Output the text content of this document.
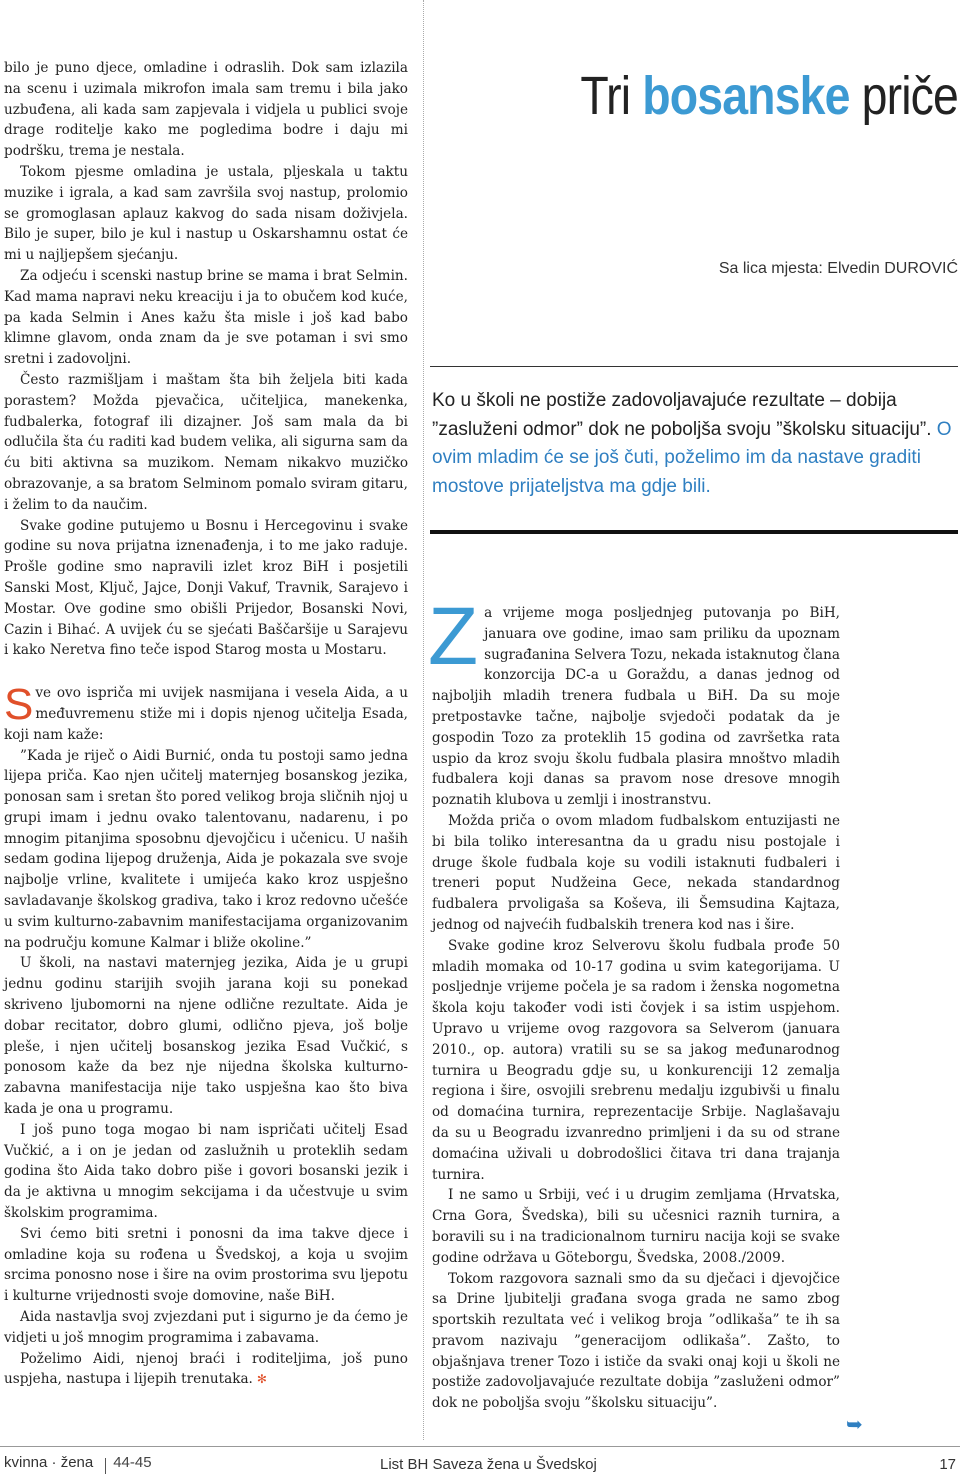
bilo je puno djece, omladine i odraslih. Dok sam izlazila na scenu i uzimala mikrofon imala sam tremu i bila jako uzbuđena, ali kada sam zapjevala i vidjela u publici svoje drage roditelje kako me pogledima bodre i daju mi podršku, trema je nestala.

Tokom pjesme omladina je ustala, pljeskala u taktu muzike i igrala, a kad sam završila svoj nastup, prolomio se gromoglasan aplauz kakvog do sada nisam doživjela. Bilo je super, bilo je kul i nastup u Oskarshamnu ostat će mi u najljepšem sjećanju.

Za odjeću i scenski nastup brine se mama i brat Selmin. Kad mama napravi neku kreaciju i ja to obučem kod kuće, pa kada Selmin i Anes kažu šta misle i još kad babo klimne glavom, onda znam da je sve potaman i svi smo sretni i zadovoljni.

Često razmišljam i maštam šta bih željela biti kada porastem? Možda pjevačica, učiteljica, manekenka, fudbalerka, fotograf ili dizajner. Još sam mala da bi odlučila šta ću raditi kad budem velika, ali sigurna sam da ću biti aktivna sa muzikom. Nemam nikakvo muzičko obrazovanje, a sa bratom Selminom pomalo sviram gitaru, i želim to da naučim.

Svake godine putujemo u Bosnu i Hercegovinu i svake godine su nova prijatna iznenađenja, i to me jako raduje. Prošle godine smo napravili izlet kroz BiH i posjetili Sanski Most, Ključ, Jajce, Donji Vakuf, Travnik, Sarajevo i Mostar. Ove godine smo obišli Prijedor, Bosanski Novi, Cazin i Bihać. A uvijek ću se sjećati Baščaršije u Sarajevu i kako Neretva fino teče ispod Starog mosta u Mostaru.

S ve ovo ispriča mi uvijek nasmijana i vesela Aida, a u međuvremenu stiže mi i dopis njenog učitelja Esada, koji nam kaže:

”Kada je riječ o Aidi Burnić, onda tu postoji samo jedna lijepa priča. Kao njen učitelj maternjeg bosanskog jezika, ponosan sam i sretan što pored velikog broja sličnih njoj u grupi imam i jednu ovako talentovanu, nadarenu, i po mnogim pitanjima sposobnu djevojčicu i učenicu. U naših sedam godina lijepog druženja, Aida je pokazala sve svoje najbolje vrline, kvalitete i umijeća kako kroz uspješno savladavanje školskog gradiva, tako i kroz redovno učešće u svim kulturno-zabavnim manifestacijama organizovanim na području komune Kalmar i bliže okoline.”

U školi, na nastavi maternjeg jezika, Aida je u grupi jednu godinu starijih svojih jarana koji su ponekad skriveno ljubomorni na njene odlične rezultate. Aida je dobar recitator, dobro glumi, odlično pjeva, još bolje pleše, i njen učitelj bosanskog jezika Esad Vučkić, s ponosom kaže da bez nje nijedna školska kulturno-zabavna manifestacija nije tako uspješna kao što biva kada je ona u programu.

I još puno toga mogao bi nam ispričati učitelj Esad Vučkić, a i on je jedan od zaslužnih u proteklih sedam godina što Aida tako dobro piše i govori bosanski jezik i da je aktivna u mnogim sekcijama i da učestvuje u svim školskim programima.

Svi ćemo biti sretni i ponosni da ima takve djece i omladine koja su rođena u Švedskoj, a koja u svojim srcima ponosno nose i šire na ovim prostorima svu ljepotu i kulturne vrijednosti svoje domovine, naše BiH.

Aida nastavlja svoj zvjezdani put i sigurno je da ćemo je vidjeti u još mnogim programima i zabavama.

Poželimo Aidi, njenoj braći i roditeljima, još puno uspjeha, nastupa i lijepih trenutaka. ✻

Tri bosanske priče
Sa lica mjesta: Elvedin DUROVIĆ
Ko u školi ne postiže zadovoljavajuće rezultate – dobija ”zasluženi odmor” dok ne poboljša svoju ”školsku situaciju”. O ovim mladim će se još čuti, poželimo im da nastave graditi mostove prijateljstva ma gdje bili.

Z a vrijeme moga posljednjeg putovanja po BiH, januara ove godine, imao sam priliku da upoznam sugrađanina Selvera Tozu, nekada istaknutog člana konzorcija DC-a u Goraždu, a danas jednog od najboljih mladih trenera fudbala u BiH. Da su moje pretpostavke tačne, najbolje svjedoči podatak da je gospodin Tozo za proteklih 15 godina od završetka rata uspio da kroz svoju školu fudbala plasira mnoštvo mladih fudbalera koji danas sa pravom nose dresove mnogih poznatih klubova u zemlji i inostranstvu.

Možda priča o ovom mladom fudbalskom entuzijasti ne bi bila toliko interesantna da u gradu nisu postojale i druge škole fudbala koje su vodili istaknuti fudbaleri i treneri poput Nudžeina Gece, nekada standardnog fudbalera prvoligaša sa Koševa, ili Šemsudina Kajtaza, jednog od najvećih fudbalskih trenera kod nas i šire.

Svake godine kroz Selverovu školu fudbala prođe 50 mladih momaka od 10-17 godina u svim kategorijama. U posljednje vrijeme počela je sa radom i ženska nogometna škola koju također vodi isti čovjek i sa istim uspjehom. Upravo u vrijeme ovog razgovora sa Selverom (januara 2010., op. autora) vratili su se sa jakog međunarodnog turnira u Beogradu gdje su, u konkurenciji 12 zemalja regiona i šire, osvojili srebrenu medalju izgubivši u finalu od domaćina turnira, reprezentacije Srbije. Naglašavaju da su u Beogradu izvanredno primljeni i da su od strane domaćina uživali u dobrodošlici čitava tri dana trajanja turnira.

I ne samo u Srbiji, već i u drugim zemljama (Hrvatska, Crna Gora, Švedska), bili su učesnici raznih turnira, a boravili su i na tradicionalnom turniru nacija koji se svake godine održava u Göteborgu, Švedska, 2008./2009.

Tokom razgovora saznali smo da su dječaci i djevojčice sa Drine ljubitelji građana svoga grada ne samo zbog sportskih rezultata već i velikog broja ”odlikaša” te ih sa pravom nazivaju ”generacijom odlikaša”. Zašto, to objašnjava trener Tozo i ističe da svaki onaj koji u školi ne postiže zadovoljavajuće rezultate dobija ”zasluženi odmor” dok ne poboljša svoju ”školsku situaciju”.

➥
kvinna · žena 44-45	List BH Saveza žena u Švedskoj	17
